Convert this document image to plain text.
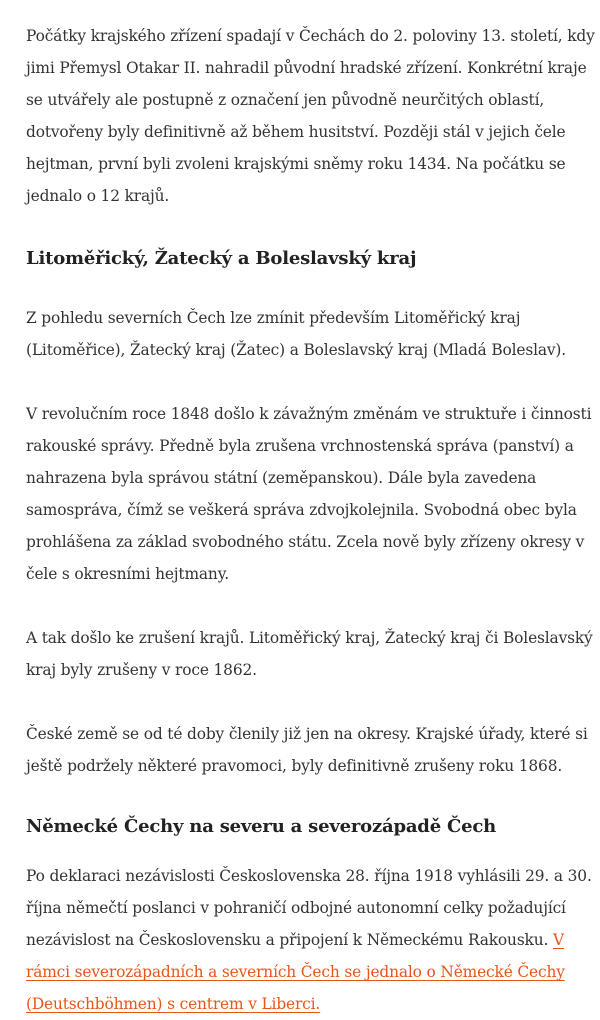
Počátky krajského zřízení spadají v Čechách do 2. poloviny 13. století, kdy jimi Přemysl Otakar II. nahradil původní hradské zřízení. Konkrétní kraje se utvářely ale postupně z označení jen původně neurčitých oblastí, dotvořeny byly definitivně až během husitství. Později stál v jejich čele hejtman, první byli zvoleni krajskými sněmy roku 1434. Na počátku se jednalo o 12 krajů.

Litoměřický, Žatecký a Boleslavský kraj

Z pohledu severních Čech lze zmínit především Litoměřický kraj (Litoměřice), Žatecký kraj (Žatec) a Boleslavský kraj (Mladá Boleslav).

V revolučním roce 1848 došlo k závažným změnám ve struktuře i činnosti rakouské správy. Předně byla zrušena vrchnostenská správa (panství) a nahrazena byla správou státní (zeměpanskou). Dále byla zavedena samospráva, čímž se veškerá správa zdvojkolejnila. Svobodná obec byla prohlášena za základ svobodného státu. Zcela nově byly zřízeny okresy v čele s okresními hejtmany.

A tak došlo ke zrušení krajů. Litoměřický kraj, Žatecký kraj či Boleslavský kraj byly zrušeny v roce 1862.

České země se od té doby členily již jen na okresy. Krajské úřady, které si ještě podržely některé pravomoci, byly definitivně zrušeny roku 1868.

Německé Čechy na severu a severozápadě Čech

Po deklaraci nezávislosti Československa 28. října 1918 vyhlásili 29. a 30. října němečtí poslanci v pohraničí odbojné autonomní celky požadující nezávislost na Československu a připojení k Německému Rakousku. V rámci severozápadních a severních Čech se jednalo o Německé Čechy (Deutschböhmen) s centrem v Liberci.
